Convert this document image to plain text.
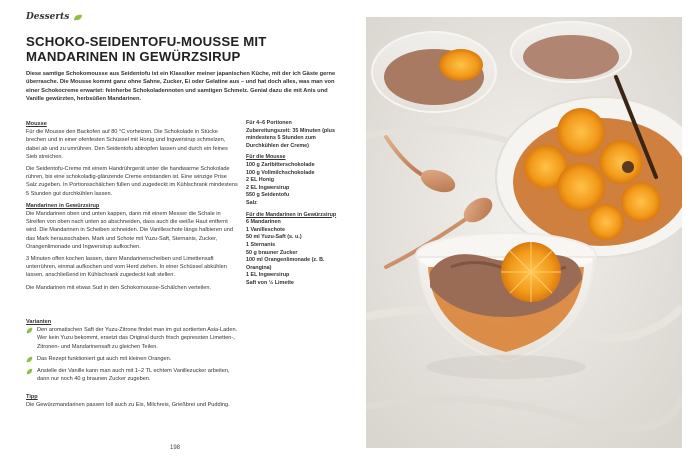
Desserts
SCHOKO-SEIDENTOFU-MOUSSE MIT MANDARINEN IN GEWÜRZSIRUP

Diese samtige Schokomousse aus Seidentofu ist ein Klassiker meiner japanischen Küche, mit der ich Gäste gerne überrasche. Die Mousse kommt ganz ohne Sahne, Zucker, Ei oder Gelatine aus – und hat doch alles, was man von einer Schokocreme erwartet: feinherbe Schokoladennoten und samtigen Schmelz. Genial dazu die mit Anis und Vanille gewürzten, herbsüßen Mandarinen.

Mousse

Für die Mousse den Backofen auf 80 °C vorheizen. Die Schokolade in Stücke brechen und in einer ofenfesten Schüssel mit Honig und Ingwersirup schmelzen, dabei ab und zu umrühren. Den Seidentofu abtropfen lassen und durch ein feines Sieb streichen.

Die Seidentofu-Creme mit einem Handrührgerät unter die handwarme Schokolade rühren, bis eine schokoladig-glänzende Creme entstanden ist. Eine winzige Prise Salz zugeben. In Portionsschälchen füllen und zugedeckt im Kühlschrank mindestens 5 Stunden gut durchkühlen lassen.

Mandarinen in Gewürzsirup

Die Mandarinen oben und unten kappen, dann mit einem Messer die Schale in Streifen von oben nach unten so abschneiden, dass auch die weiße Haut entfernt wird. Die Mandarinen in Scheiben schneiden. Die Vanilleschote längs halbieren und das Mark herausschaben. Mark und Schote mit Yuzu-Saft, Sternanis, Zucker, Orangenlimonade und Ingwersirup aufkochen.

3 Minuten offen kochen lassen, dann Mandarinenscheiben und Limettensaft unterrühren, einmal aufkochen und vom Herd ziehen. In einer Schüssel abkühlen lassen, anschließend im Kühlschrank zugedeckt kalt stellen.

Die Mandarinen mit etwas Sud in den Schokomousse-Schälchen verteilen.

Für 4–6 Portionen
Zubereitungszeit: 35 Minuten (plus mindestens 5 Stunden zum Durchkühlen der Creme)
Für die Mousse
100 g Zartbitterschokolade
100 g Vollmilchschokolade
2 EL Honig
2 EL Ingwersirup
550 g Seidentofu
Salz
Für die Mandarinen in Gewürzsirup
6 Mandarinen
1 Vanilleschote
50 ml Yuzu-Saft (s. u.)
1 Sternanis
50 g brauner Zucker
100 ml Orangenlimonade (z. B. Orangina)
1 EL Ingwersirup
Saft von ½ Limette
Varianten
Den aromatischen Saft der Yuzu-Zitrone findet man im gut sortierten Asia-Laden. Wer kein Yuzu bekommt, ersetzt das Original durch frisch gepressten Limetten-, Zitronen- und Mandarinensaft zu gleichen Teilen.
Das Rezept funktioniert gut auch mit kleinen Orangen.
Anstelle der Vanille kann man auch mit 1–2 TL echtem Vanillezucker arbeiten, dann nur noch 40 g braunen Zucker zugeben.
Tipp
Die Gewürzmandarinen passen toll auch zu Eis, Milchreis, Grießbrei und Pudding.
198
